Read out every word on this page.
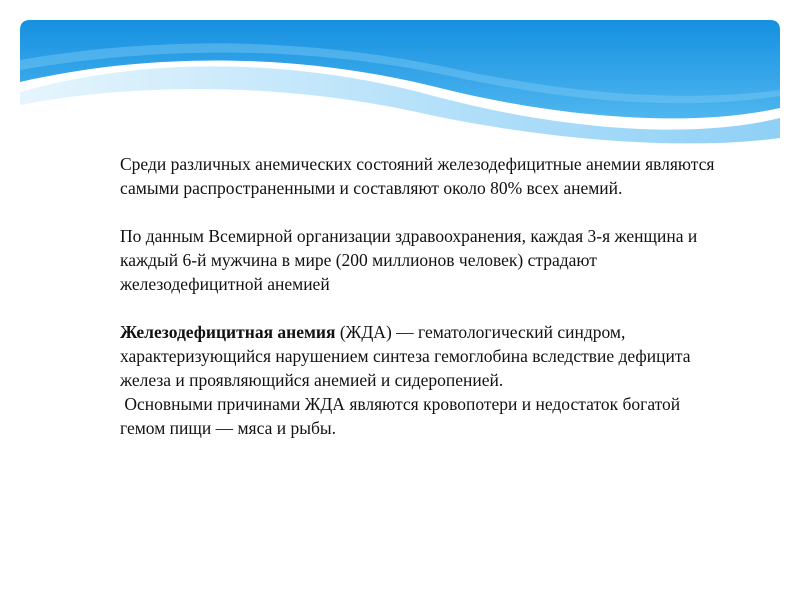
Среди различных анемических состояний железодефицитные анемии являются самыми распространенными и составляют около 80% всех анемий.

По данным Всемирной организации здравоохранения, каждая 3-я женщина и каждый 6-й мужчина в мире (200 миллионов человек) страдают железодефицитной анемией

Железодефицитная анемия (ЖДА) — гематологический синдром, характеризующийся нарушением синтеза гемоглобина вследствие дефицита железа и проявляющийся анемией и сидеропенией.

Основными причинами ЖДА являются кровопотери и недостаток богатой гемом пищи — мяса и рыбы.
